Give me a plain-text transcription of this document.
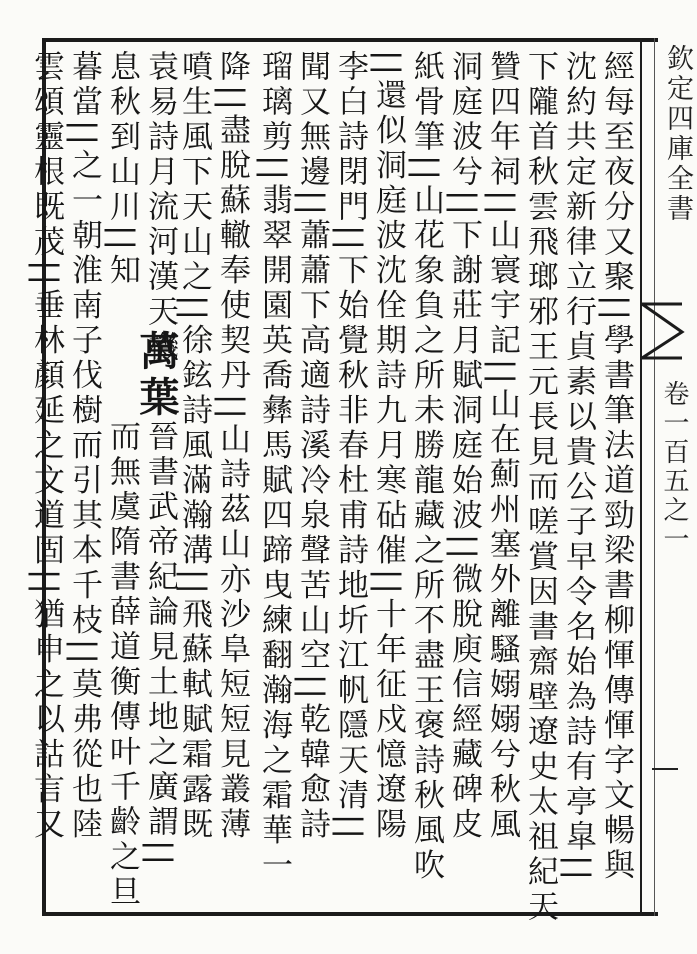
欽定四庫全書
卷一百五之一
經每至夜分又聚||學書筆法道勁梁書柳惲傳惲字文暢與
沈約共定新律立行貞素以貴公子早令名始為詩有亭皐||
下隴首秋雲飛瑯邪王元長見而嗟賞因書齋壁遼史太祖紀天
贊四年祠||山寰宇記||山在薊州塞外離騷嫋嫋兮秋風
洞庭波兮||下謝莊月賦洞庭始波||微脫庾信經藏碑皮
紙骨筆||山花象負之所未勝龍藏之所不盡王褒詩秋風吹
||還似洞庭波沈佺期詩九月寒砧催||十年征戍憶遼陽
李白詩閉門||下始覺秋非春杜甫詩地圻江帆隱天清||
聞又無邊||蕭蕭下高適詩溪冷泉聲苦山空||乾韓愈詩
瑠璃剪||翡翠開園英喬彝馬賦四蹄曳練翻瀚海之霜華一
降||盡脫蘇轍奉使契丹||山詩茲山亦沙阜短短見叢薄
噴生風下天山之||徐鉉詩風滿瀚溝||飛蘇軾賦霜露既
袁易詩月流河漢天機
晉書武帝紀論見土地之廣謂||
萬葉
暮當||之一朝淮南子伐樹而引其本千枝||莫弗從也陸
雲頌靈根既茂||垂林顏延之文道固||猶申之以詁言又 息秋到山川||知
而無虞隋書薛道衡傳叶千齡之旦
